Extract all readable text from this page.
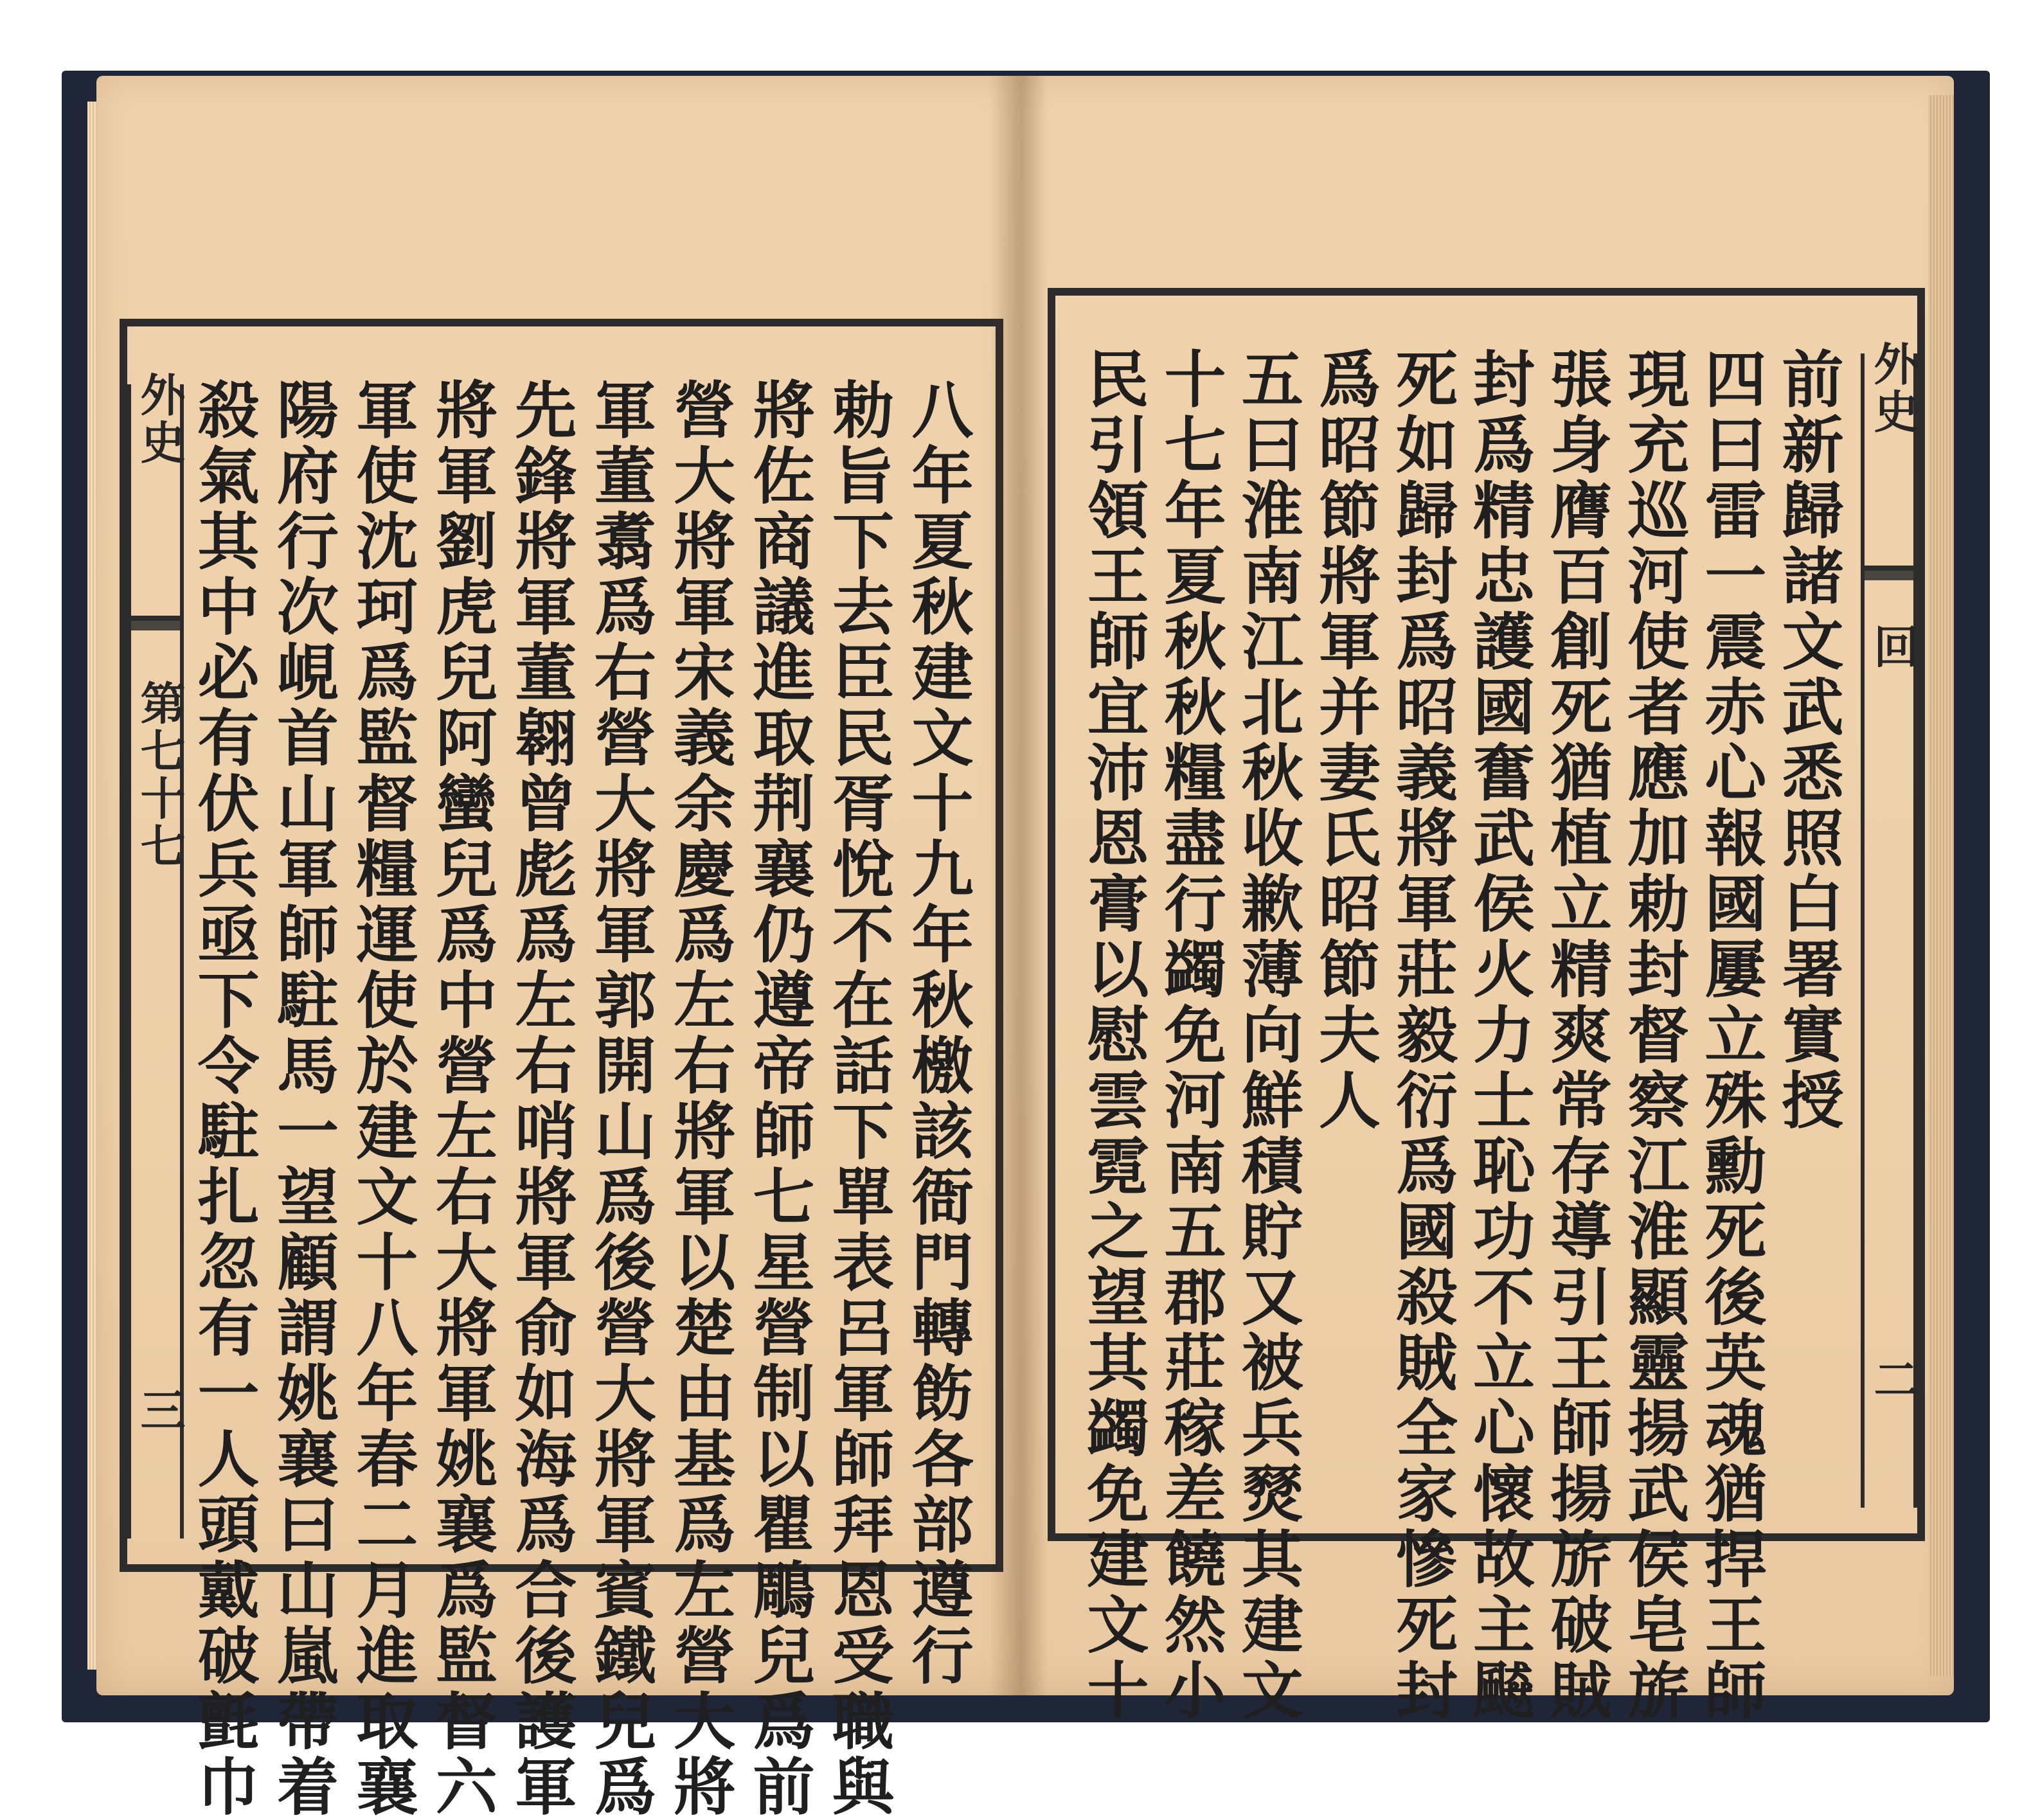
外史
第七十七
三	八年夏秋建文十九年秋檄該衙門轉飭各部遵行
勅旨下去臣民胥悅不在話下單表呂軍師拜恩受職與
將佐商議進取荆襄仍遵帝師七星營制以瞿鵰兒爲前
營大將軍宋義余慶爲左右將軍以楚由基爲左營大將
軍董翥爲右營大將軍郭開山爲後營大將軍賓鐵兒爲
先鋒將軍董翱曾彪爲左右哨將軍俞如海爲合後護軍
將軍劉虎兒阿蠻兒爲中營左右大將軍姚襄爲監督六
軍使沈珂爲監督糧運使於建文十八年春二月進取襄
陽府行次峴首山軍師駐馬一望顧謂姚襄曰山嵐帶着
殺氣其中必有伏兵亟下令駐扎忽有一人頭戴破氈巾	外史
回
二
前新歸諸文武悉照白署實授
四曰雷一震赤心報國屢立殊勳死後英魂猶捍王師
現充巡河使者應加勅封督察江淮顯靈揚武侯皂旂
張身膺百創死猶植立精爽常存導引王師揚旂破賊
封爲精忠護國奮武侯火力士恥功不立心懷故主飇
死如歸封爲昭義將軍莊毅衍爲國殺賊全家慘死封
爲昭節將軍并妻氏昭節夫人
五曰淮南江北秋收歉薄向鮮積貯又被兵燹其建文
十七年夏秋秋糧盡行蠲免河南五郡莊稼差饒然小
民引領王師宜沛恩膏以慰雲霓之望其蠲免建文十
